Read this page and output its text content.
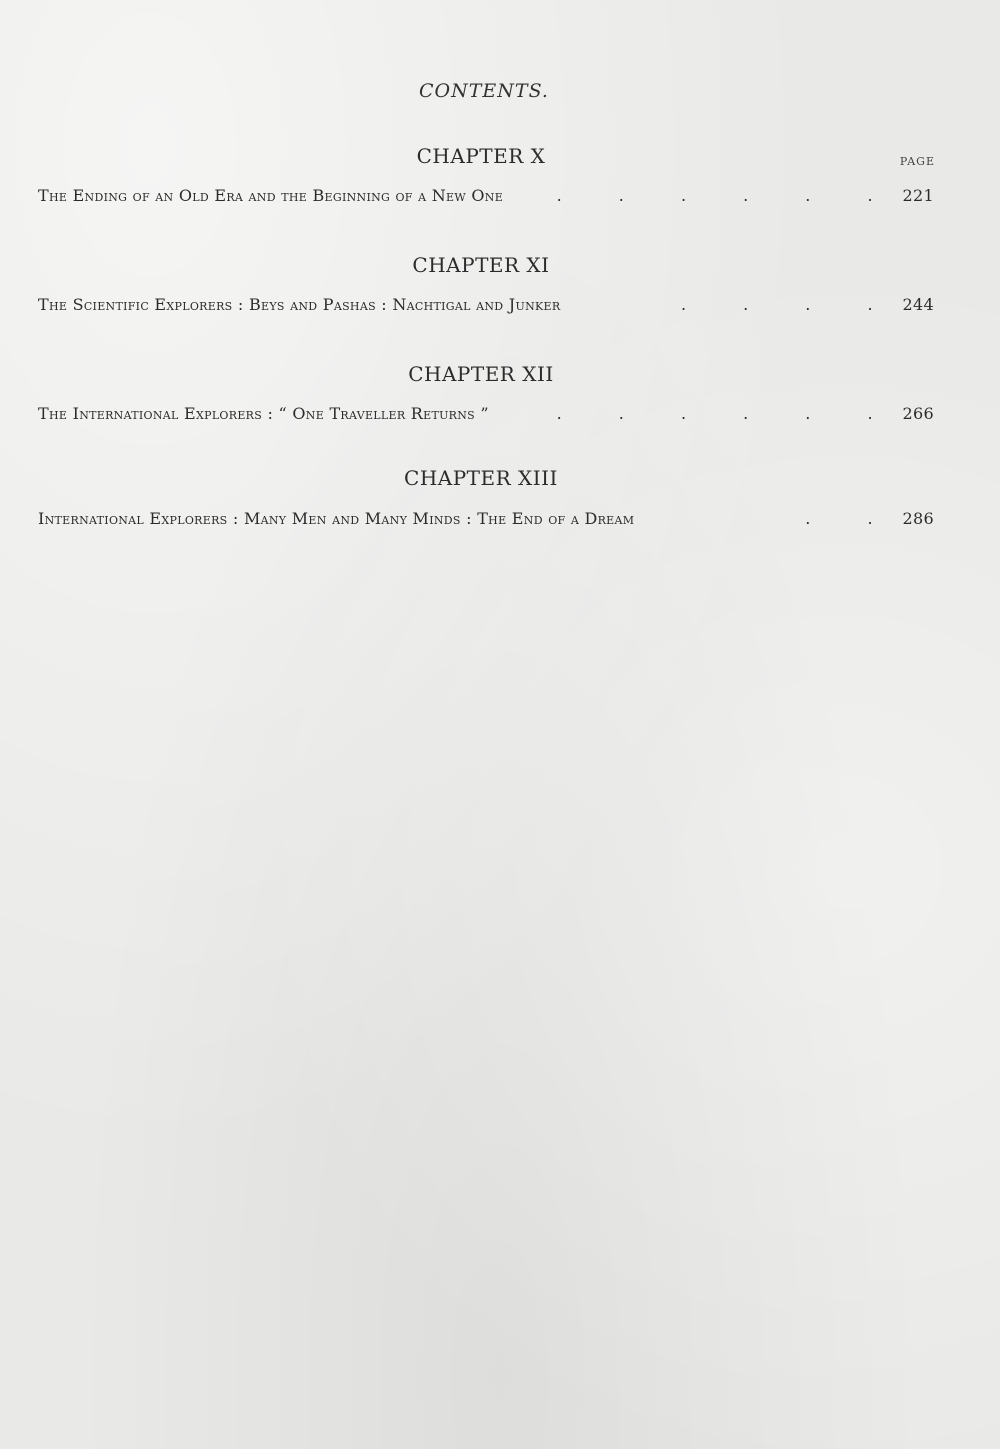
CONTENTS.
PAGE
CHAPTER X
The Ending of an Old Era and the Beginning of a New One	. . . . . . 221
CHAPTER XI
The Scientific Explorers : Beys and Pashas : Nachtigal and Junker	. . . . 244
CHAPTER XII
The International Explorers : “ One Traveller Returns ”	. . . . . . 266
CHAPTER XIII
International Explorers : Many Men and Many Minds : The End of a Dream	. . 286
